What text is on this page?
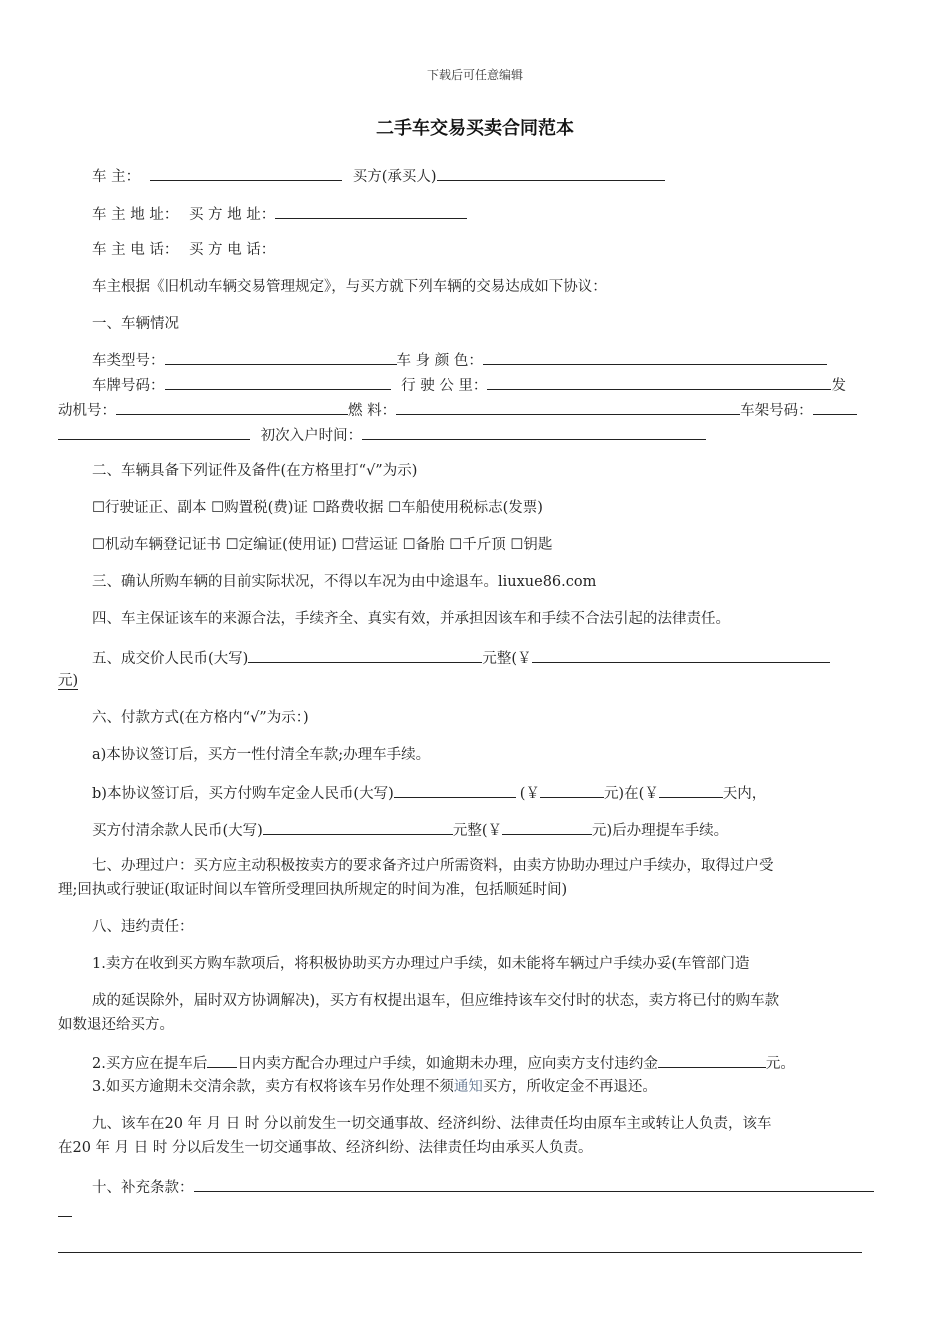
下载后可任意编辑
二手车交易买卖合同范本
车 主：	买方(承买人)
车 主 地 址： 买 方 地 址：
车 主 电 话： 买 方 电 话：
车主根据《旧机动车辆交易管理规定》，与买方就下列车辆的交易达成如下协议：
一、车辆情况
车类型号：	车 身 颜 色：
车牌号码：	行 驶 公 里：	发
动机号：	燃 料：	车架号码：
初次入户时间：
二、车辆具备下列证件及备件(在方格里打“√”为示)
☐行驶证正、副本 ☐购置税(费)证 ☐路费收据 ☐车船使用税标志(发票)
☐机动车辆登记证书 ☐定编证(使用证) ☐营运证 ☐备胎 ☐千斤顶 ☐钥匙
三、确认所购车辆的目前实际状况，不得以车况为由中途退车。liuxue86.com
四、车主保证该车的来源合法，手续齐全、真实有效，并承担因该车和手续不合法引起的法律责任。
五、成交价人民币(大写)	元整(￥
元)
六、付款方式(在方格内“√”为示：)
a)本协议签订后，买方一性付清全车款;办理车手续。
b)本协议签订后，买方付购车定金人民币(大写)	(￥	元)在(￥	天内，
买方付清余款人民币(大写)	元整(￥	元)后办理提车手续。
七、办理过户：买方应主动积极按卖方的要求备齐过户所需资料，由卖方协助办理过户手续办，取得过户受
理;回执或行驶证(取证时间以车管所受理回执所规定的时间为准，包括顺延时间)
八、违约责任：
1.卖方在收到买方购车款项后，将积极协助买方办理过户手续，如未能将车辆过户手续办妥(车管部门造
成的延误除外，届时双方协调解决)，买方有权提出退车，但应维持该车交付时的状态，卖方将已付的购车款
如数退还给买方。
2.买方应在提车后 日内卖方配合办理过户手续，如逾期未办理，应向卖方支付违约金	元。
3.如买方逾期未交清余款，卖方有权将该车另作处理不须通知买方，所收定金不再退还。
九、该车在20 年 月 日 时 分以前发生一切交通事故、经济纠纷、法律责任均由原车主或转让人负责，该车
在20 年 月 日 时 分以后发生一切交通事故、经济纠纷、法律责任均由承买人负责。
十、补充条款：
